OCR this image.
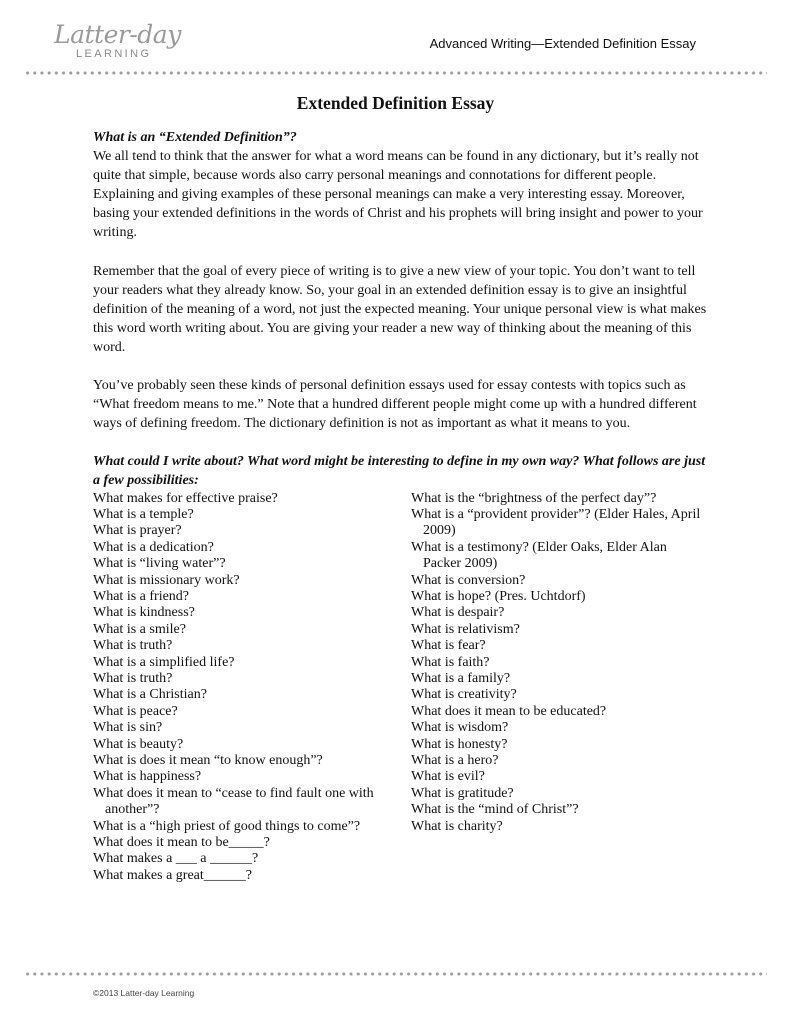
Latter-day
LEARNING
Advanced Writing—Extended Definition Essay
Extended Definition Essay
What is an “Extended Definition”?

We all tend to think that the answer for what a word means can be found in any dictionary, but it’s really not quite that simple, because words also carry personal meanings and connotations for different people. Explaining and giving examples of these personal meanings can make a very interesting essay. Moreover, basing your extended definitions in the words of Christ and his prophets will bring insight and power to your writing.

Remember that the goal of every piece of writing is to give a new view of your topic. You don’t want to tell your readers what they already know. So, your goal in an extended definition essay is to give an insightful definition of the meaning of a word, not just the expected meaning. Your unique personal view is what makes this word worth writing about. You are giving your reader a new way of thinking about the meaning of this word.

You’ve probably seen these kinds of personal definition essays used for essay contests with topics such as “What freedom means to me.” Note that a hundred different people might come up with a hundred different ways of defining freedom. The dictionary definition is not as important as what it means to you.

What could I write about? What word might be interesting to define in my own way? What follows are just a few possibilities:
What makes for effective praise?
What is a temple?
What is prayer?
What is a dedication?
What is “living water”?
What is missionary work?
What is a friend?
What is kindness?
What is a smile?
What is truth?
What is a simplified life?
What is truth?
What is a Christian?
What is peace?
What is sin?
What is beauty?
What is does it mean “to know enough”?
What is happiness?
What does it mean to “cease to find fault one with another”?
What is a “high priest of good things to come”?
What does it mean to be_____?
What makes a ___ a ______?
What makes a great______?
What is the “brightness of the perfect day”?
What is a “provident provider”? (Elder Hales, April 2009)
What is a testimony? (Elder Oaks, Elder Alan Packer 2009)
What is conversion?
What is hope? (Pres. Uchtdorf)
What is despair?
What is relativism?
What is fear?
What is faith?
What is a family?
What is creativity?
What does it mean to be educated?
What is wisdom?
What is honesty?
What is a hero?
What is evil?
What is gratitude?
What is the “mind of Christ”?
What is charity?
©2013 Latter-day Learning
